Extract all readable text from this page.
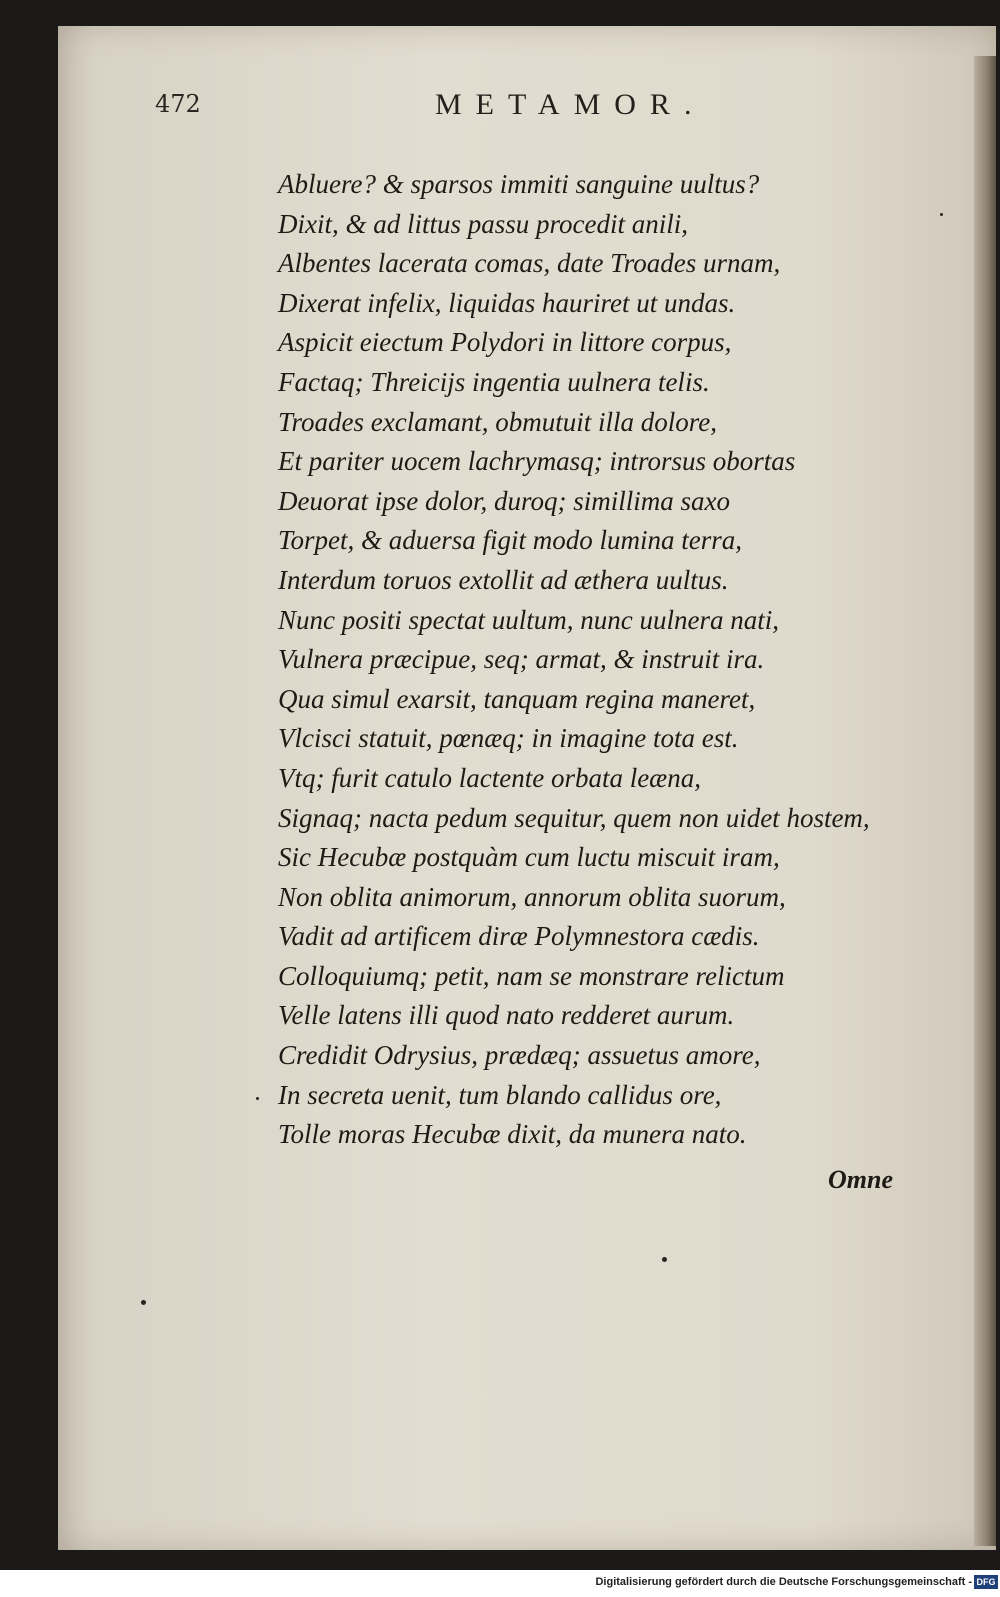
472	METAMOR.
Abluere? & sparsos immiti sanguine uultus?
Dixit, & ad littus passu procedit anili,
Albentes lacerata comas, date Troades urnam,
Dixerat infelix, liquidas hauriret ut undas.
Aspicit eiectum Polydori in littore corpus,
Factaq; Threicijs ingentia uulnera telis.
Troades exclamant, obmutuit illa dolore,
Et pariter uocem lachrymasq; introrsus obortas
Deuorat ipse dolor, duroq; simillima saxo
Torpet, & aduersa figit modo lumina terra,
Interdum toruos extollit ad æthera uultus.
Nunc positi spectat uultum, nunc uulnera nati,
Vulnera præcipue, seq; armat, & instruit ira.
Qua simul exarsit, tanquam regina maneret,
Vlcisci statuit, pœnæq; in imagine tota est.
Vtq; furit catulo lactente orbata leæna,
Signaq; nacta pedum sequitur, quem non uidet hostem,
Sic Hecubæ postquàm cum luctu miscuit iram,
Non oblita animorum, annorum oblita suorum,
Vadit ad artificem diræ Polymnestora cædis.
Colloquiumq; petit, nam se monstrare relictum
Velle latens illi quod nato redderet aurum.
Credidit Odrysius, prædæq; assuetus amore,
In secreta uenit, tum blando callidus ore,
Tolle moras Hecubæ dixit, da munera nato.
Omne
Digitalisierung gefördert durch die Deutsche Forschungsgemeinschaft - DFG
